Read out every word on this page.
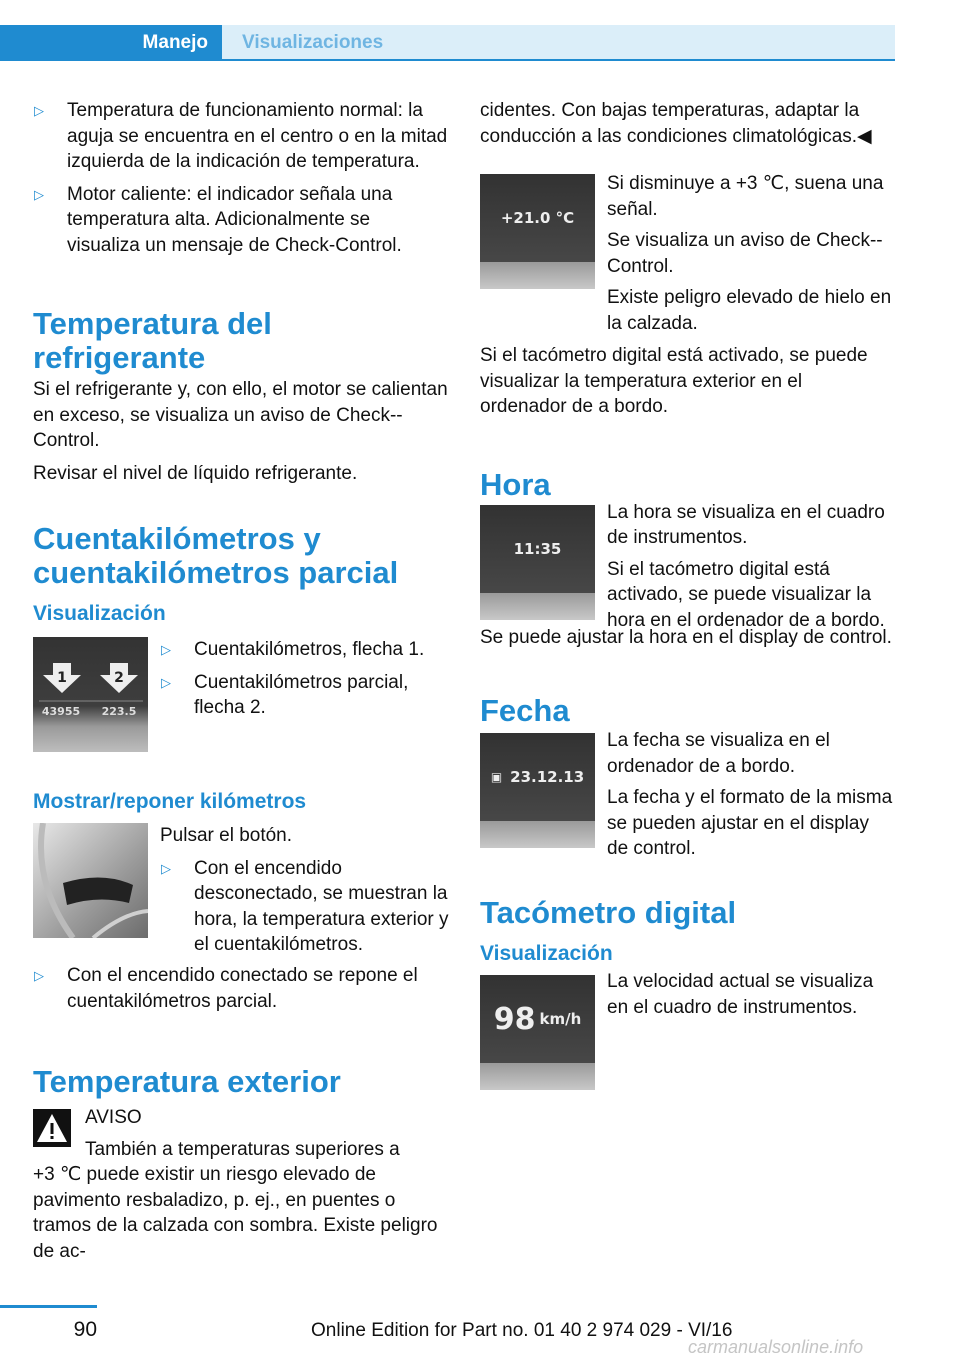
Manejo	Visualizaciones
▷	Temperatura de funcionamiento normal: la aguja se encuentra en el centro o en la mitad izquierda de la indicación de temperatura.
▷	Motor caliente: el indicador señala una temperatura alta. Adicionalmente se visualiza un mensaje de Check-Control.
Temperatura del refrigerante

Si el refrigerante y, con ello, el motor se calientan en exceso, se visualiza un aviso de Check--Control.

Revisar el nivel de líquido refrigerante.

Cuentakilómetros y cuentakilómetros parcial
Visualización
1	2
43955 223.5
▷	Cuentakilómetros, flecha 1.
▷	Cuentakilómetros parcial, flecha 2.
Mostrar/reponer kilómetros

Pulsar el botón.

▷	Con el encendido desconectado, se muestran la hora, la temperatura exterior y el cuentakilómetros.
▷	Con el encendido conectado se repone el cuentakilómetros parcial.
Temperatura exterior

AVISO

También a temperaturas superiores a

+3 ℃ puede existir un riesgo elevado de pavimento resbaladizo, p. ej., en puentes o tramos de la calzada con sombra. Existe peligro de ac-

cidentes. Con bajas temperaturas, adaptar la conducción a las condiciones climatológicas.◀

+21.0 °C

Si disminuye a +3 ℃, suena una señal.

Se visualiza un aviso de Check--Control.

Existe peligro elevado de hielo en la calzada.

Si el tacómetro digital está activado, se puede visualizar la temperatura exterior en el ordenador de a bordo.

Hora
11:35

La hora se visualiza en el cuadro de instrumentos.

Si el tacómetro digital está activado, se puede visualizar la hora en el ordenador de a bordo.

Se puede ajustar la hora en el display de control.

Fecha
▣ 23.12.13

La fecha se visualiza en el ordenador de a bordo.

La fecha y el formato de la misma se pueden ajustar en el display de control.

Tacómetro digital
Visualización
98 km/h

La velocidad actual se visualiza en el cuadro de instrumentos.

90	Online Edition for Part no. 01 40 2 974 029 - VI/16
carmanualsonline.info
